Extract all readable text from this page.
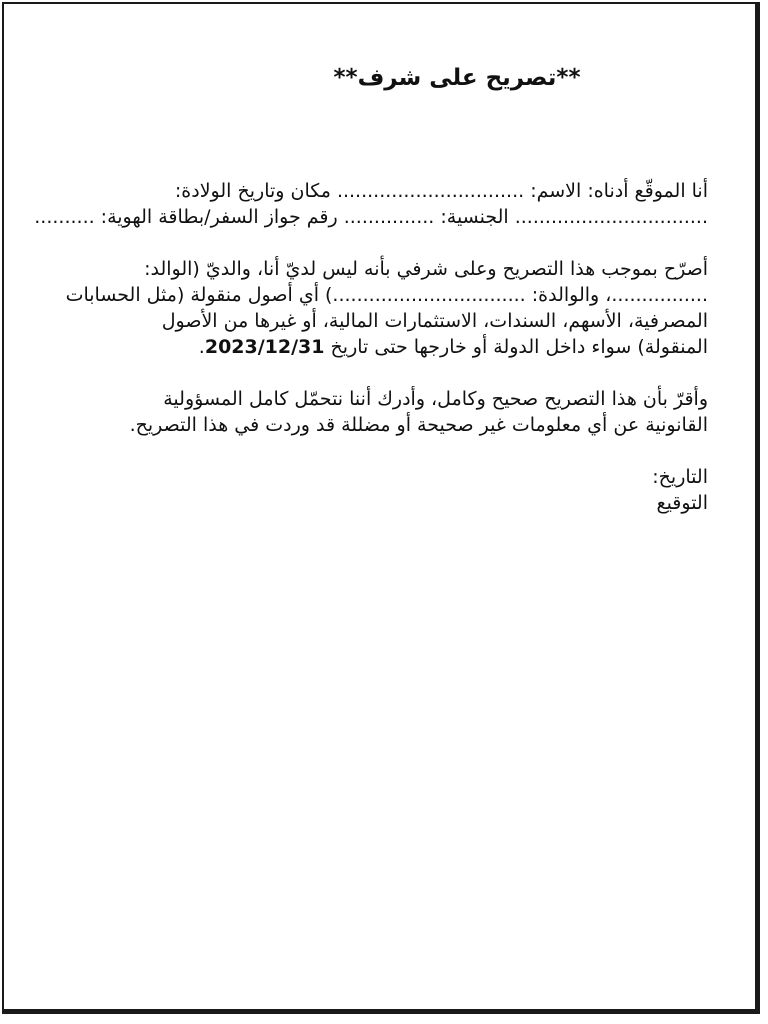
**تصريح على شرف**

أنا الموقّع أدناه: الاسم: ............................... مكان وتاريخ الولادة:
................................ الجنسية: ............... رقم جواز السفر/بطاقة الهوية: ..........

أصرّح بموجب هذا التصريح وعلى شرفي بأنه ليس لديّ أنا، والديّ (الوالد:
................، والوالدة: ................................) أي أصول منقولة (مثل الحسابات
المصرفية، الأسهم، السندات، الاستثمارات المالية، أو غيرها من الأصول
المنقولة) سواء داخل الدولة أو خارجها حتى تاريخ 2023/12/31.

وأقرّ بأن هذا التصريح صحيح وكامل، وأدرك أننا نتحمّل كامل المسؤولية
القانونية عن أي معلومات غير صحيحة أو مضللة قد وردت في هذا التصريح.

التاريخ:
التوقيع
